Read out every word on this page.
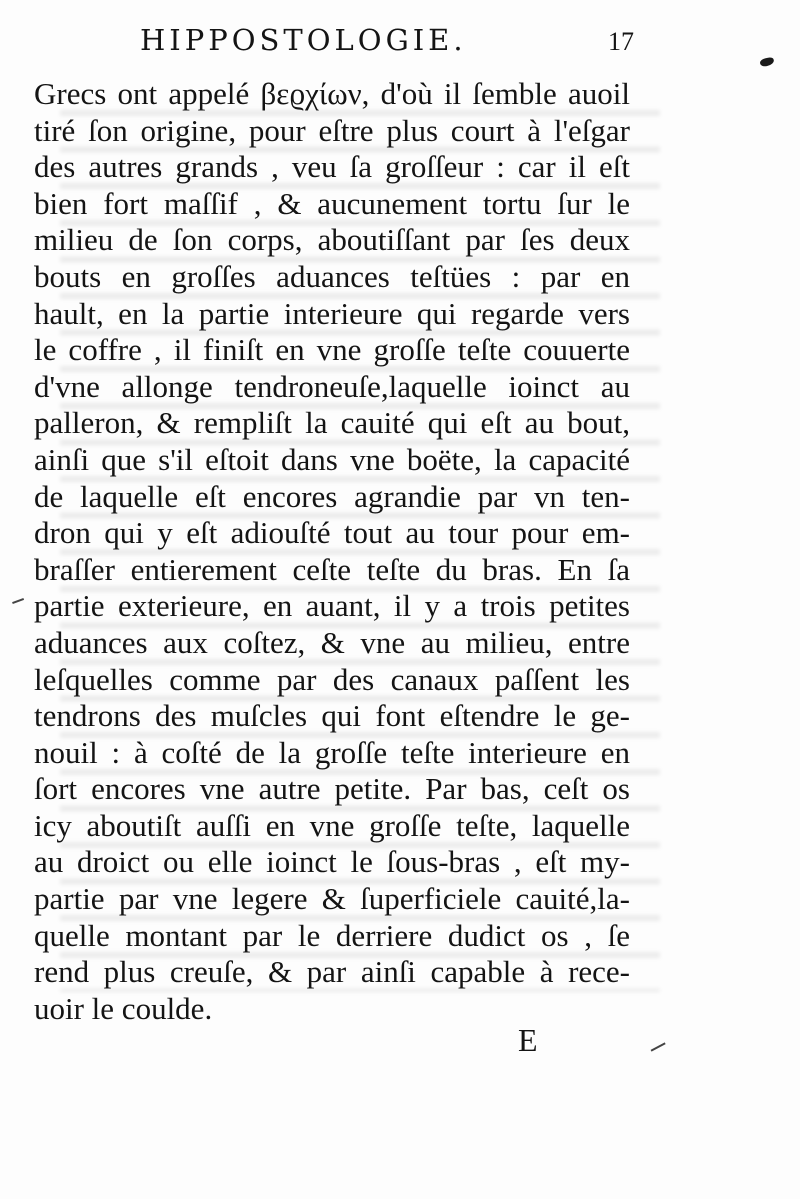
HIPPOSTOLOGIE.	17
Grecs ont appelé βεϱχίων, d'où il ſemble auoil
tiré ſon origine, pour eſtre plus court à l'eſgar
des autres grands , veu ſa groſſeur : car il eſt
bien fort maſſif , & aucunement tortu ſur le
milieu de ſon corps, aboutiſſant par ſes deux
bouts en groſſes aduances teſtües : par en
hault, en la partie interieure qui regarde vers
le coffre , il finiſt en vne groſſe teſte couuerte
d'vne allonge tendroneuſe,laquelle ioinct au
palleron, & rempliſt la cauité qui eſt au bout,
ainſi que s'il eſtoit dans vne boëte, la capacité
de laquelle eſt encores agrandie par vn ten-
dron qui y eſt adiouſté tout au tour pour em-
braſſer entierement ceſte teſte du bras. En ſa
partie exterieure, en auant, il y a trois petites
aduances aux coſtez, & vne au milieu, entre
leſquelles comme par des canaux paſſent les
tendrons des muſcles qui font eſtendre le ge-
nouil : à coſté de la groſſe teſte interieure en
ſort encores vne autre petite. Par bas, ceſt os
icy aboutiſt auſſi en vne groſſe teſte, laquelle
au droict ou elle ioinct le ſous-bras , eſt my-
partie par vne legere & ſuperficiele cauité,la-
quelle montant par le derriere dudict os , ſe
rend plus creuſe, & par ainſi capable à rece-
uoir le coulde.
E
